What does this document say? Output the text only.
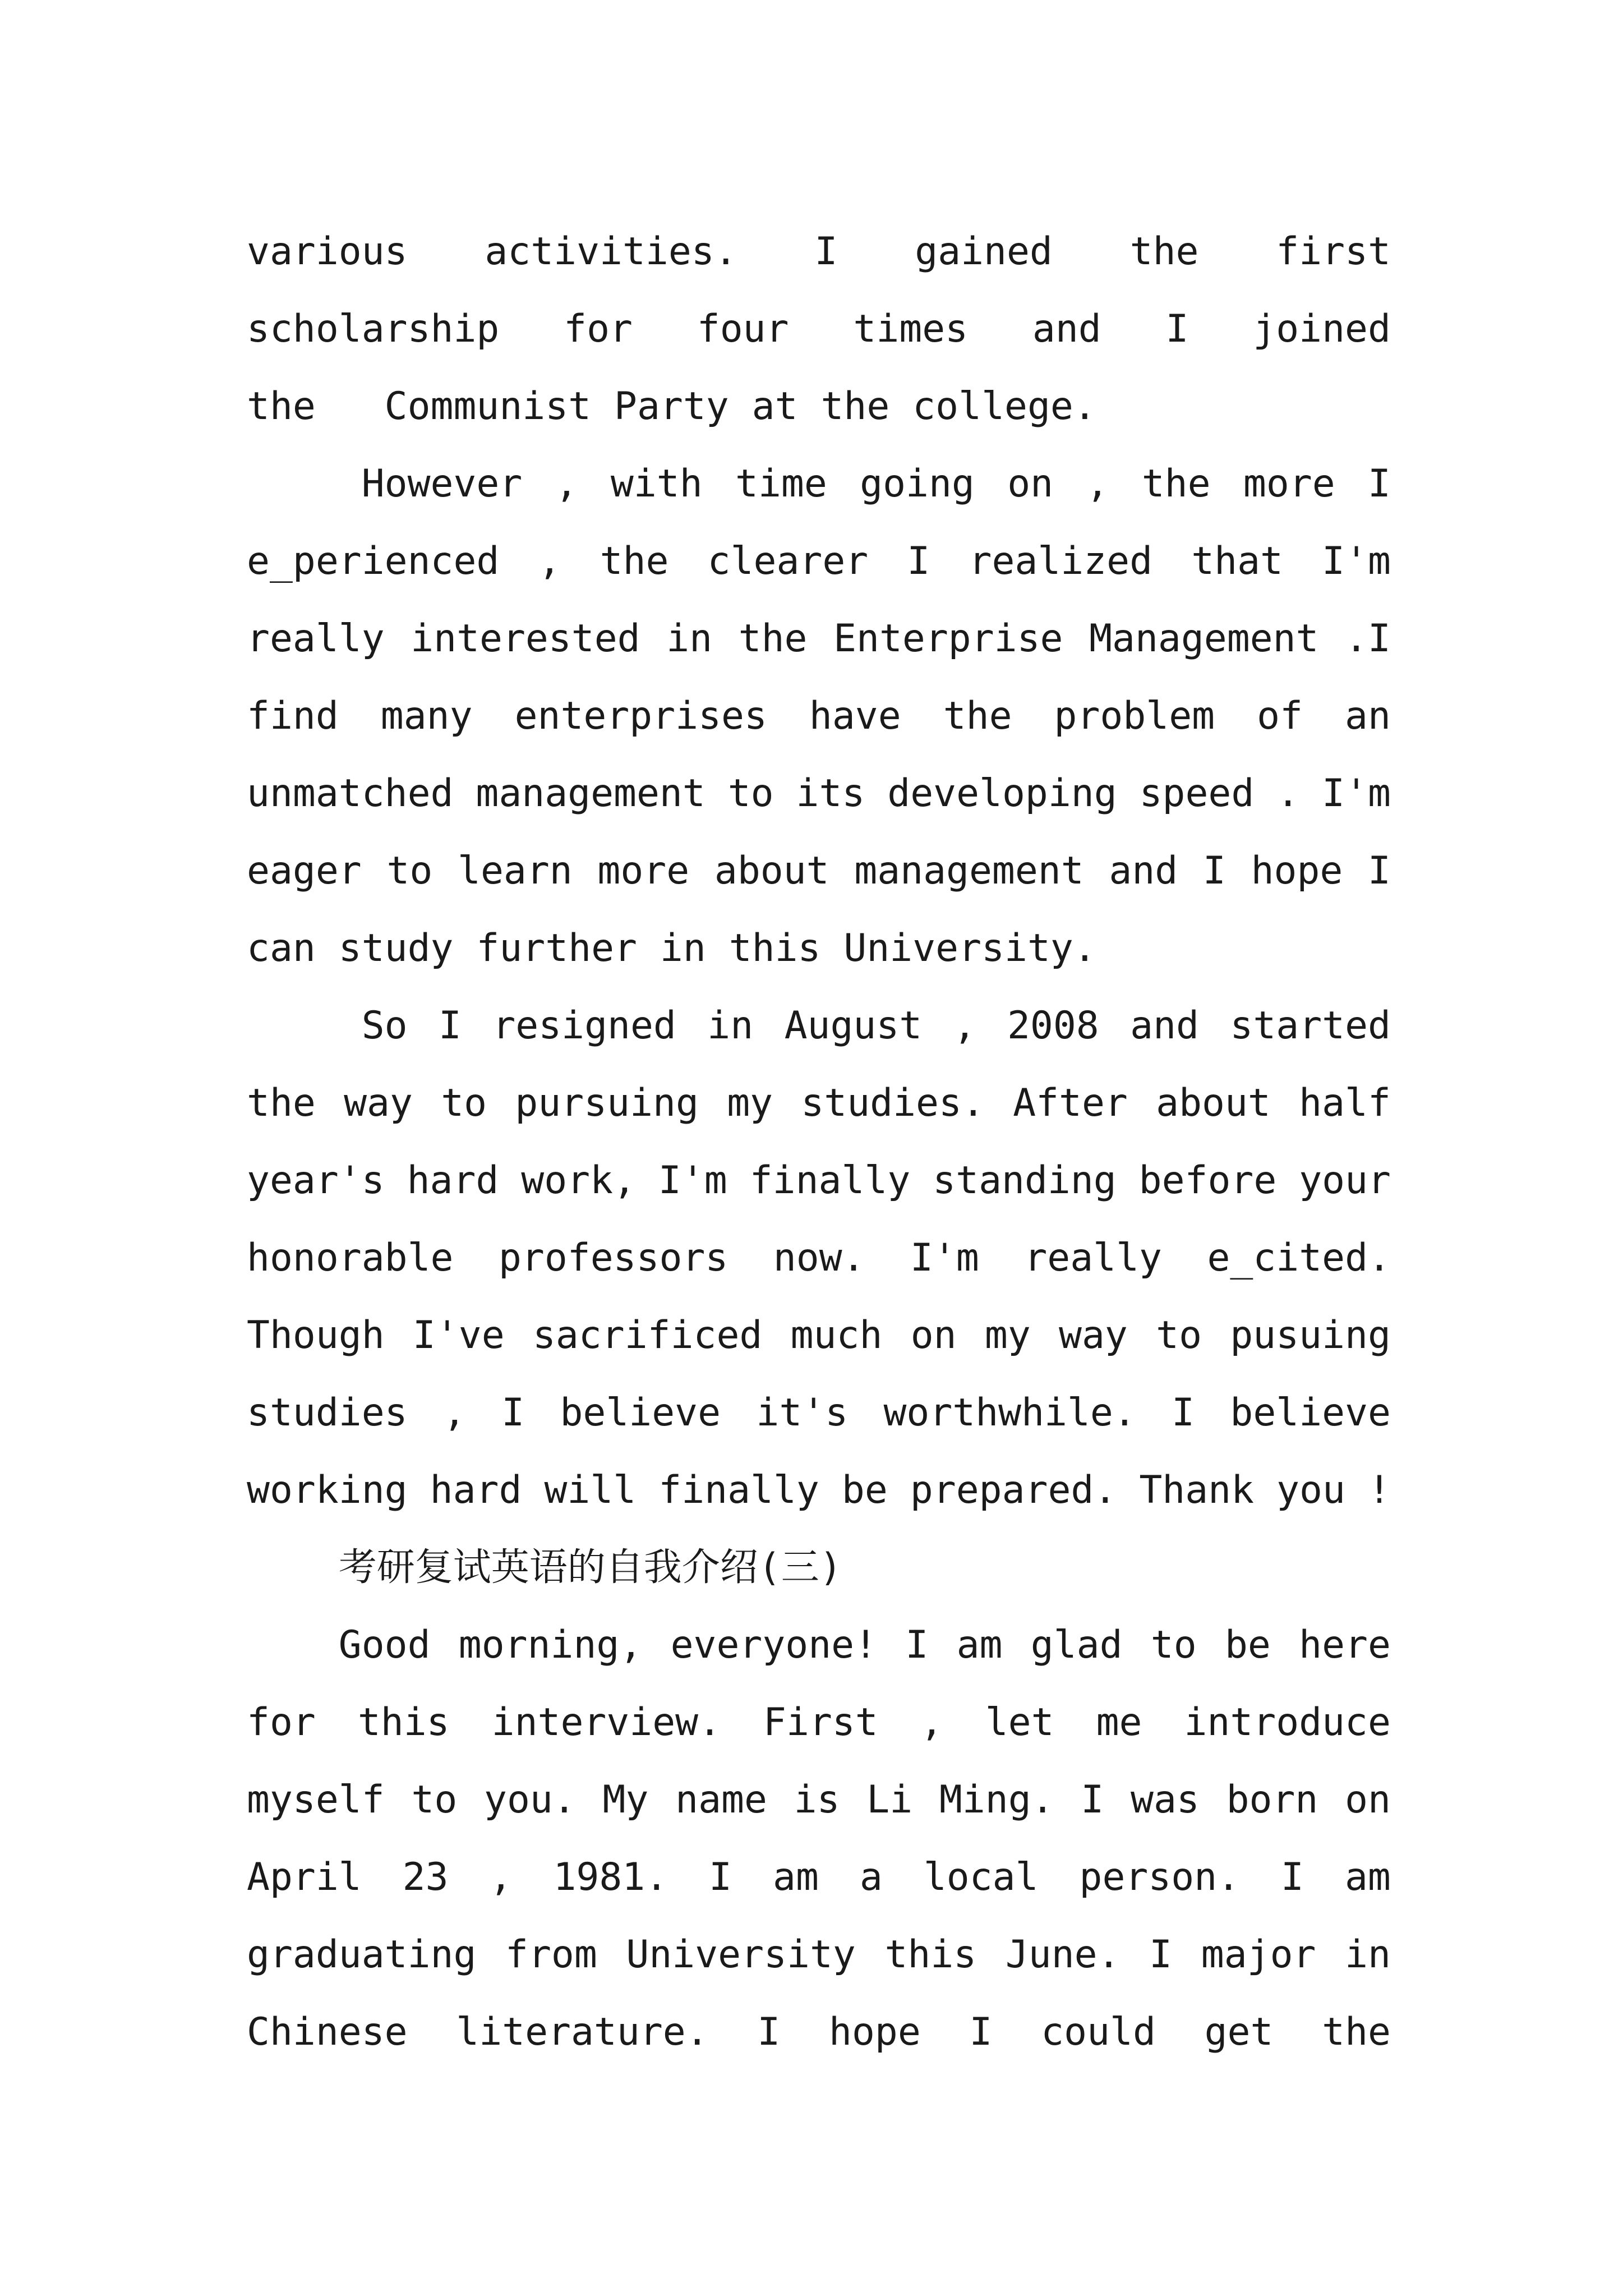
various activities. I gained the first
scholarship for four times and I joined
the   Communist Party at the college.
However , with time going on , the more I
e_perienced , the clearer I realized that I'm
really interested in the Enterprise Management .I
find many enterprises have the problem of an
unmatched management to its developing speed . I'm
eager to learn more about management and I hope I
can study further in this University.
So I resigned in August , 2008 and started
the way to pursuing my studies. After about half
year's hard work, I'm finally standing before your
honorable professors now. I'm really e_cited.
Though I've sacrificed much on my way to pusuing
studies , I believe it's worthwhile. I believe
working hard will finally be prepared. Thank you !
考研复试英语的自我介绍(三)
Good morning, everyone! I am glad to be here
for this interview. First , let me introduce
myself to you. My name is Li Ming. I was born on
April 23 , 1981. I am a local person. I am
graduating from University this June. I major in
Chinese literature. I hope I could get the
